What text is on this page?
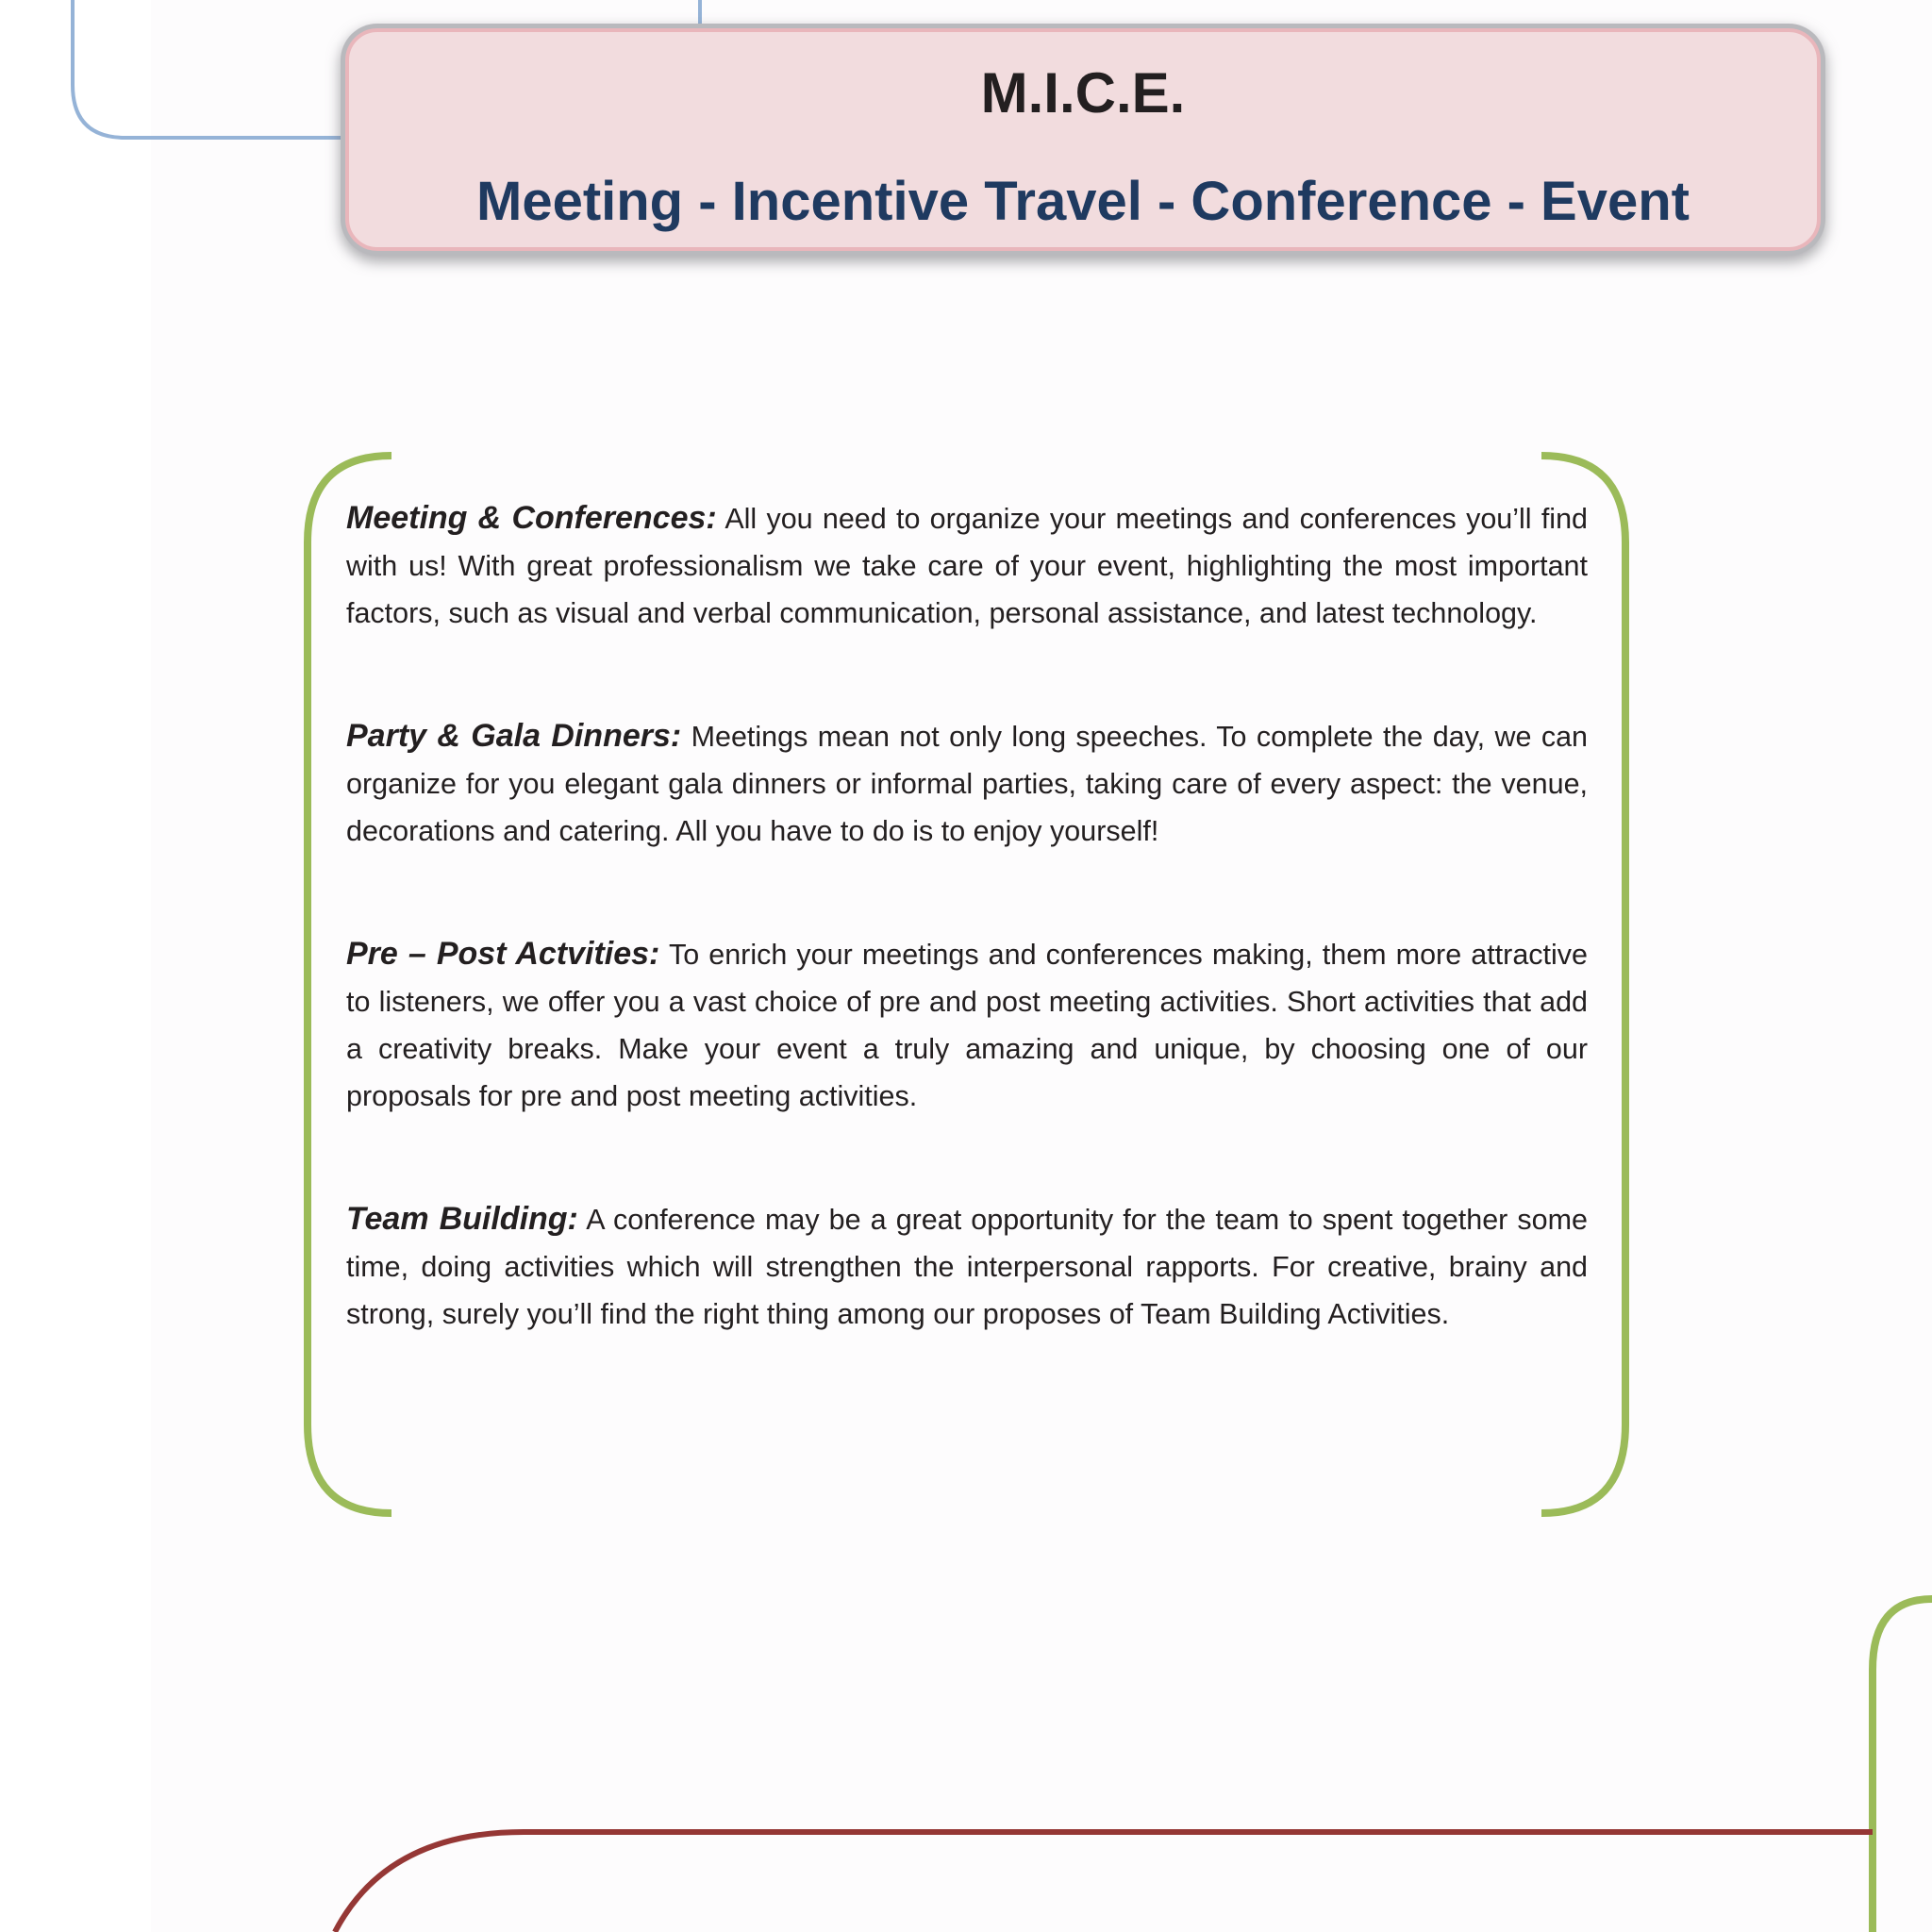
M.I.C.E.
Meeting - Incentive Travel - Conference - Event

Meeting & Conferences: All you need to organize your meetings and conferences you’ll find with us! With great professionalism we take care of your event, highlighting the most important factors, such as visual and verbal communication, personal assistance, and latest technology.

Party & Gala Dinners: Meetings mean not only long speeches. To complete the day, we can organize for you elegant gala dinners or informal parties, taking care of every aspect: the venue, decorations and catering. All you have to do is to enjoy yourself!

Pre – Post Actvities: To enrich your meetings and conferences making, them more attractive to listeners, we offer you a vast choice of pre and post meeting activities. Short activities that add a creativity breaks. Make your event a truly amazing and unique, by choosing one of our proposals for pre and post meeting activities.

Team Building: A conference may be a great opportunity for the team to spent together some time, doing activities which will strengthen the interpersonal rapports. For creative, brainy and strong, surely you’ll find the right thing among our proposes of Team Building Activities.
